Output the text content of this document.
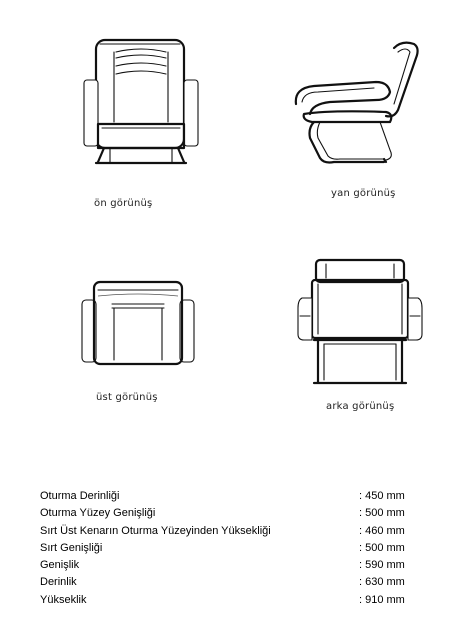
ön görünüş
yan görünüş
üst görünüş
arka görünüş
Oturma Derinliği	: 450 mm
Oturma Yüzey Genişliği	: 500 mm
Sırt Üst Kenarın Oturma Yüzeyinden Yüksekliği	: 460 mm
Sırt Genişliği	: 500 mm
Genişlik	: 590 mm
Derinlik	: 630 mm
Yükseklik	: 910 mm
